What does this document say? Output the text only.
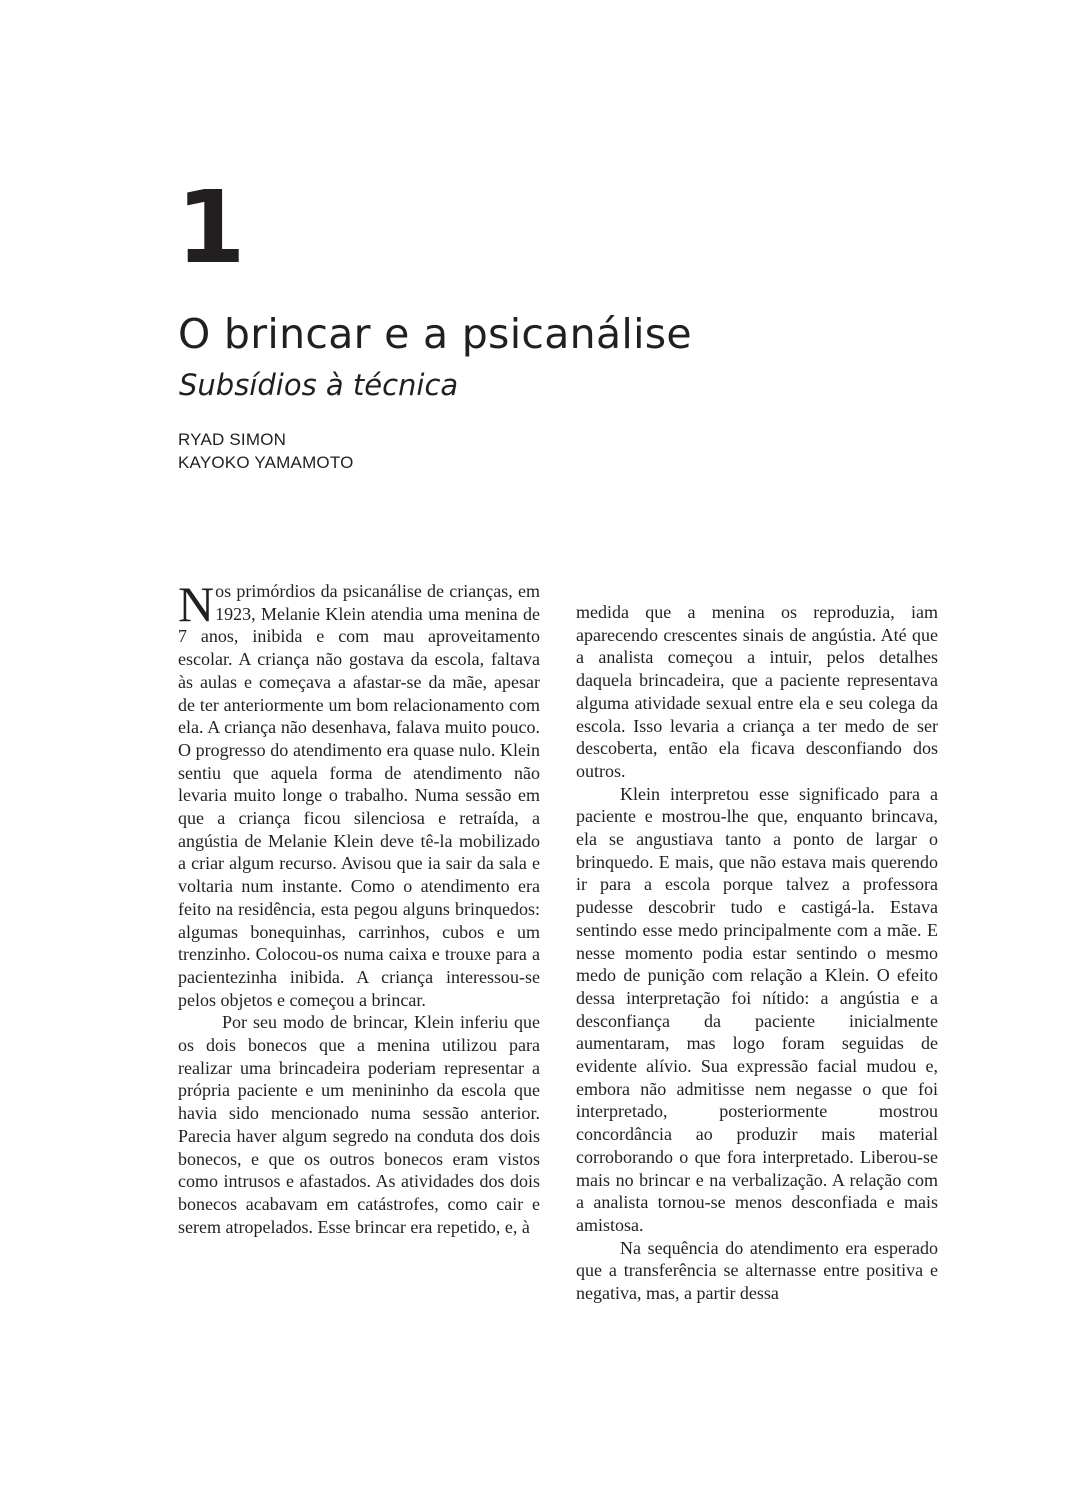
1
O brincar e a psicanálise
Subsídios à técnica
RYAD SIMON
KAYOKO YAMAMOTO

Nos primórdios da psicanálise de crianças, em 1923, Melanie Klein atendia uma menina de 7 anos, inibida e com mau aproveitamento escolar. A criança não gostava da escola, faltava às aulas e começava a afastar-se da mãe, apesar de ter anteriormente um bom relacionamento com ela. A criança não desenhava, falava muito pouco. O progresso do atendimento era quase nulo. Klein sentiu que aquela forma de atendimento não levaria muito longe o trabalho. Numa sessão em que a criança ficou silenciosa e retraída, a angústia de Melanie Klein deve tê-la mobilizado a criar algum recurso. Avisou que ia sair da sala e voltaria num instante. Como o atendimento era feito na residência, esta pegou alguns brinquedos: algumas bonequinhas, carrinhos, cubos e um trenzinho. Colocou-os numa caixa e trouxe para a pacientezinha inibida. A criança interessou-se pelos objetos e começou a brincar.

Por seu modo de brincar, Klein inferiu que os dois bonecos que a menina utilizou para realizar uma brincadeira poderiam representar a própria paciente e um menininho da escola que havia sido mencionado numa sessão anterior. Parecia haver algum segredo na conduta dos dois bonecos, e que os outros bonecos eram vistos como intrusos e afastados. As atividades dos dois bonecos acabavam em catástrofes, como cair e serem atropelados. Esse brincar era repetido, e, à

medida que a menina os reproduzia, iam aparecendo crescentes sinais de angústia. Até que a analista começou a intuir, pelos detalhes daquela brincadeira, que a paciente representava alguma atividade sexual entre ela e seu colega da escola. Isso levaria a criança a ter medo de ser descoberta, então ela ficava desconfiando dos outros.

Klein interpretou esse significado para a paciente e mostrou-lhe que, enquanto brincava, ela se angustiava tanto a ponto de largar o brinquedo. E mais, que não estava mais querendo ir para a escola porque talvez a professora pudesse descobrir tudo e castigá-la. Estava sentindo esse medo principalmente com a mãe. E nesse momento podia estar sentindo o mesmo medo de punição com relação a Klein. O efeito dessa interpretação foi nítido: a angústia e a desconfiança da paciente inicialmente aumentaram, mas logo foram seguidas de evidente alívio. Sua expressão facial mudou e, embora não admitisse nem negasse o que foi interpretado, posteriormente mostrou concordância ao produzir mais material corroborando o que fora interpretado. Liberou-se mais no brincar e na verbalização. A relação com a analista tornou-se menos desconfiada e mais amistosa.

Na sequência do atendimento era esperado que a transferência se alternasse entre positiva e negativa, mas, a partir dessa
